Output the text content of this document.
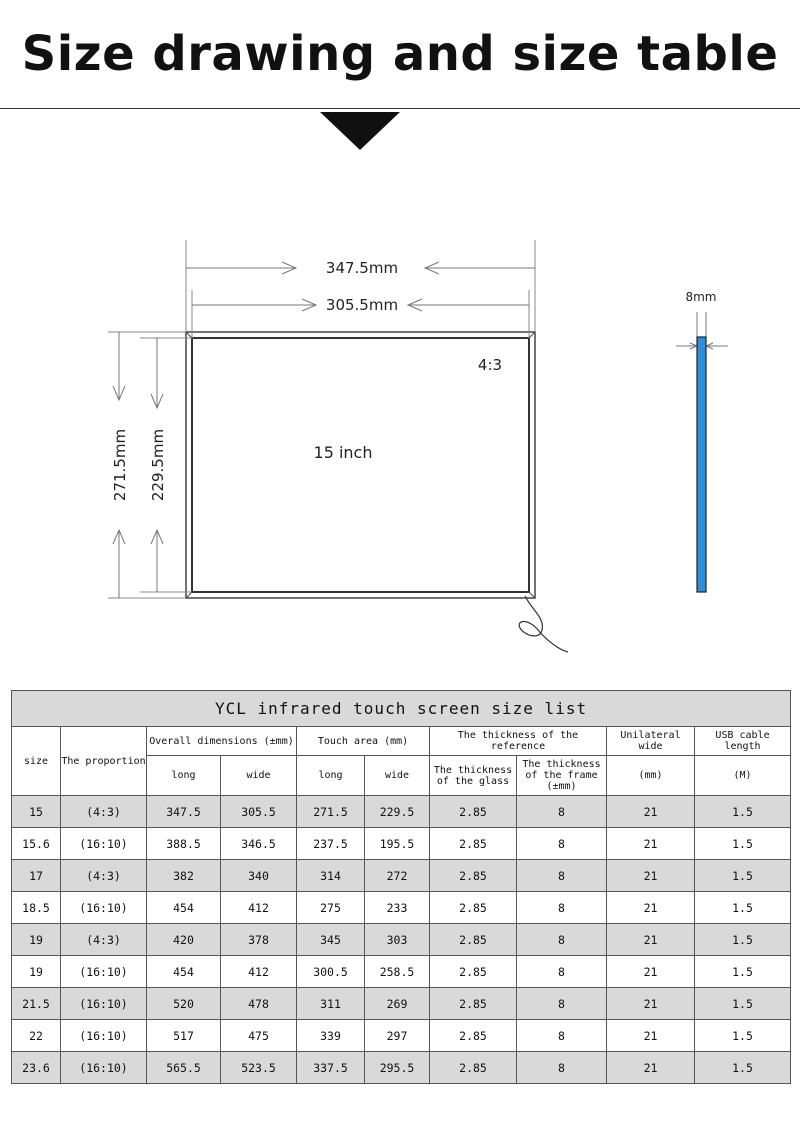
Size drawing and size table
347.5mm
305.5mm
271.5mm 229.5mm
4:3
15 inch
8mm
YCL infrared touch screen size list									
size	The proportion	Overall dimensions (±mm)		Touch area (mm)		The thickness of the reference		Unilateral wide	USB cable length
		long	wide	long	wide	The thickness of the glass	The thickness of the frame (±mm)	(mm)	(M)
15	(4:3)	347.5	305.5	271.5	229.5	2.85	8	21	1.5
15.6	(16:10)	388.5	346.5	237.5	195.5	2.85	8	21	1.5
17	(4:3)	382	340	314	272	2.85	8	21	1.5
18.5	(16:10)	454	412	275	233	2.85	8	21	1.5
19	(4:3)	420	378	345	303	2.85	8	21	1.5
19	(16:10)	454	412	300.5	258.5	2.85	8	21	1.5
21.5	(16:10)	520	478	311	269	2.85	8	21	1.5
22	(16:10)	517	475	339	297	2.85	8	21	1.5
23.6	(16:10)	565.5	523.5	337.5	295.5	2.85	8	21	1.5
